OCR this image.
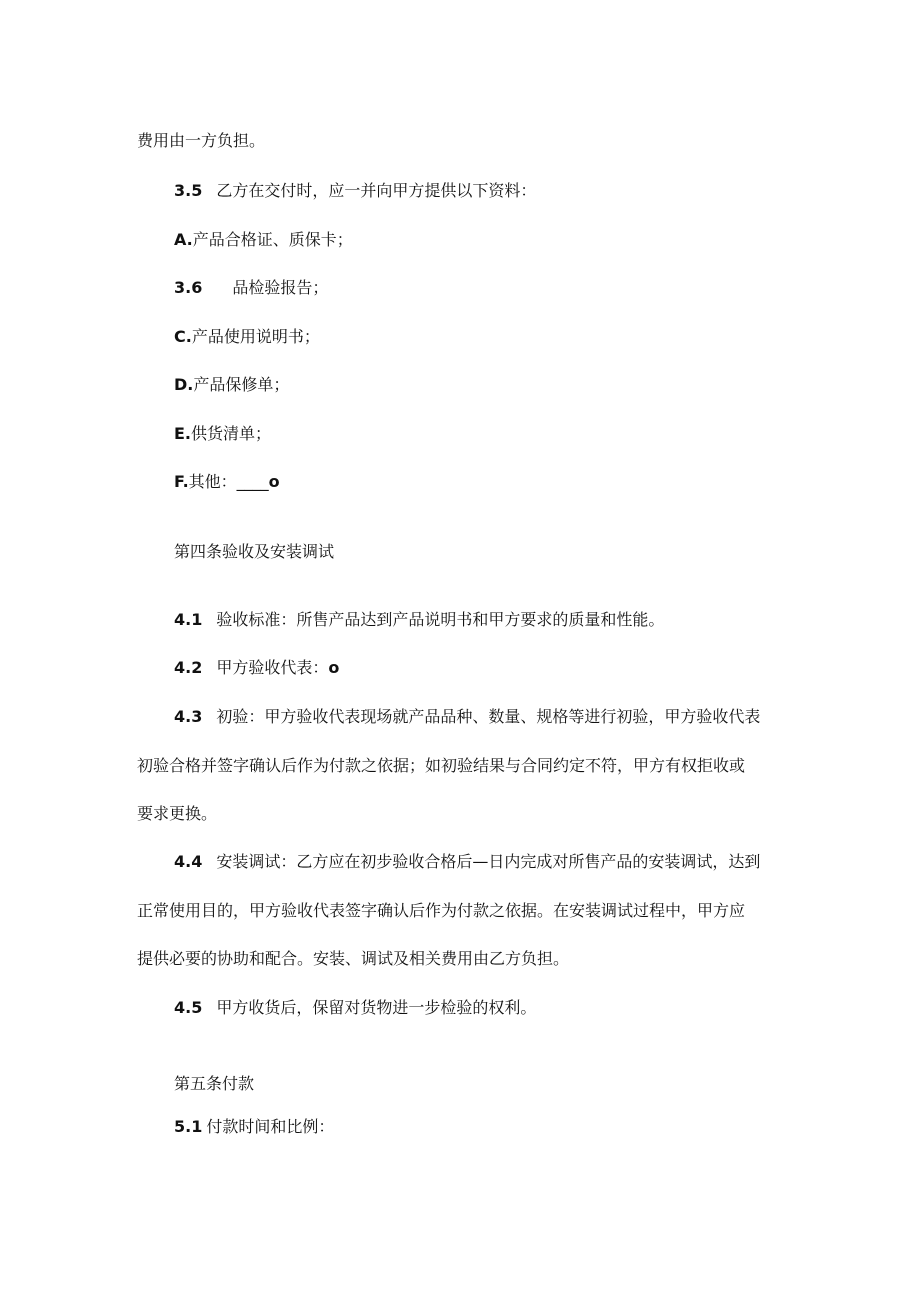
费用由一方负担。
3.5 乙方在交付时，应一并向甲方提供以下资料：
A.产品合格证、质保卡；
3.6 品检验报告；
C.产品使用说明书；
D.产品保修单；
E.供货清单；
F.其他：____o
第四条验收及安装调试
4.1 验收标准：所售产品达到产品说明书和甲方要求的质量和性能。
4.2 甲方验收代表：o
4.3 初验：甲方验收代表现场就产品品种、数量、规格等进行初验，甲方验收代表
初验合格并签字确认后作为付款之依据；如初验结果与合同约定不符，甲方有权拒收或
要求更换。
4.4 安装调试：乙方应在初步验收合格后—日内完成对所售产品的安装调试，达到
正常使用目的，甲方验收代表签字确认后作为付款之依据。在安装调试过程中，甲方应
提供必要的协助和配合。安装、调试及相关费用由乙方负担。
4.5 甲方收货后，保留对货物进一步检验的权利。
第五条付款
5.1 付款时间和比例：
